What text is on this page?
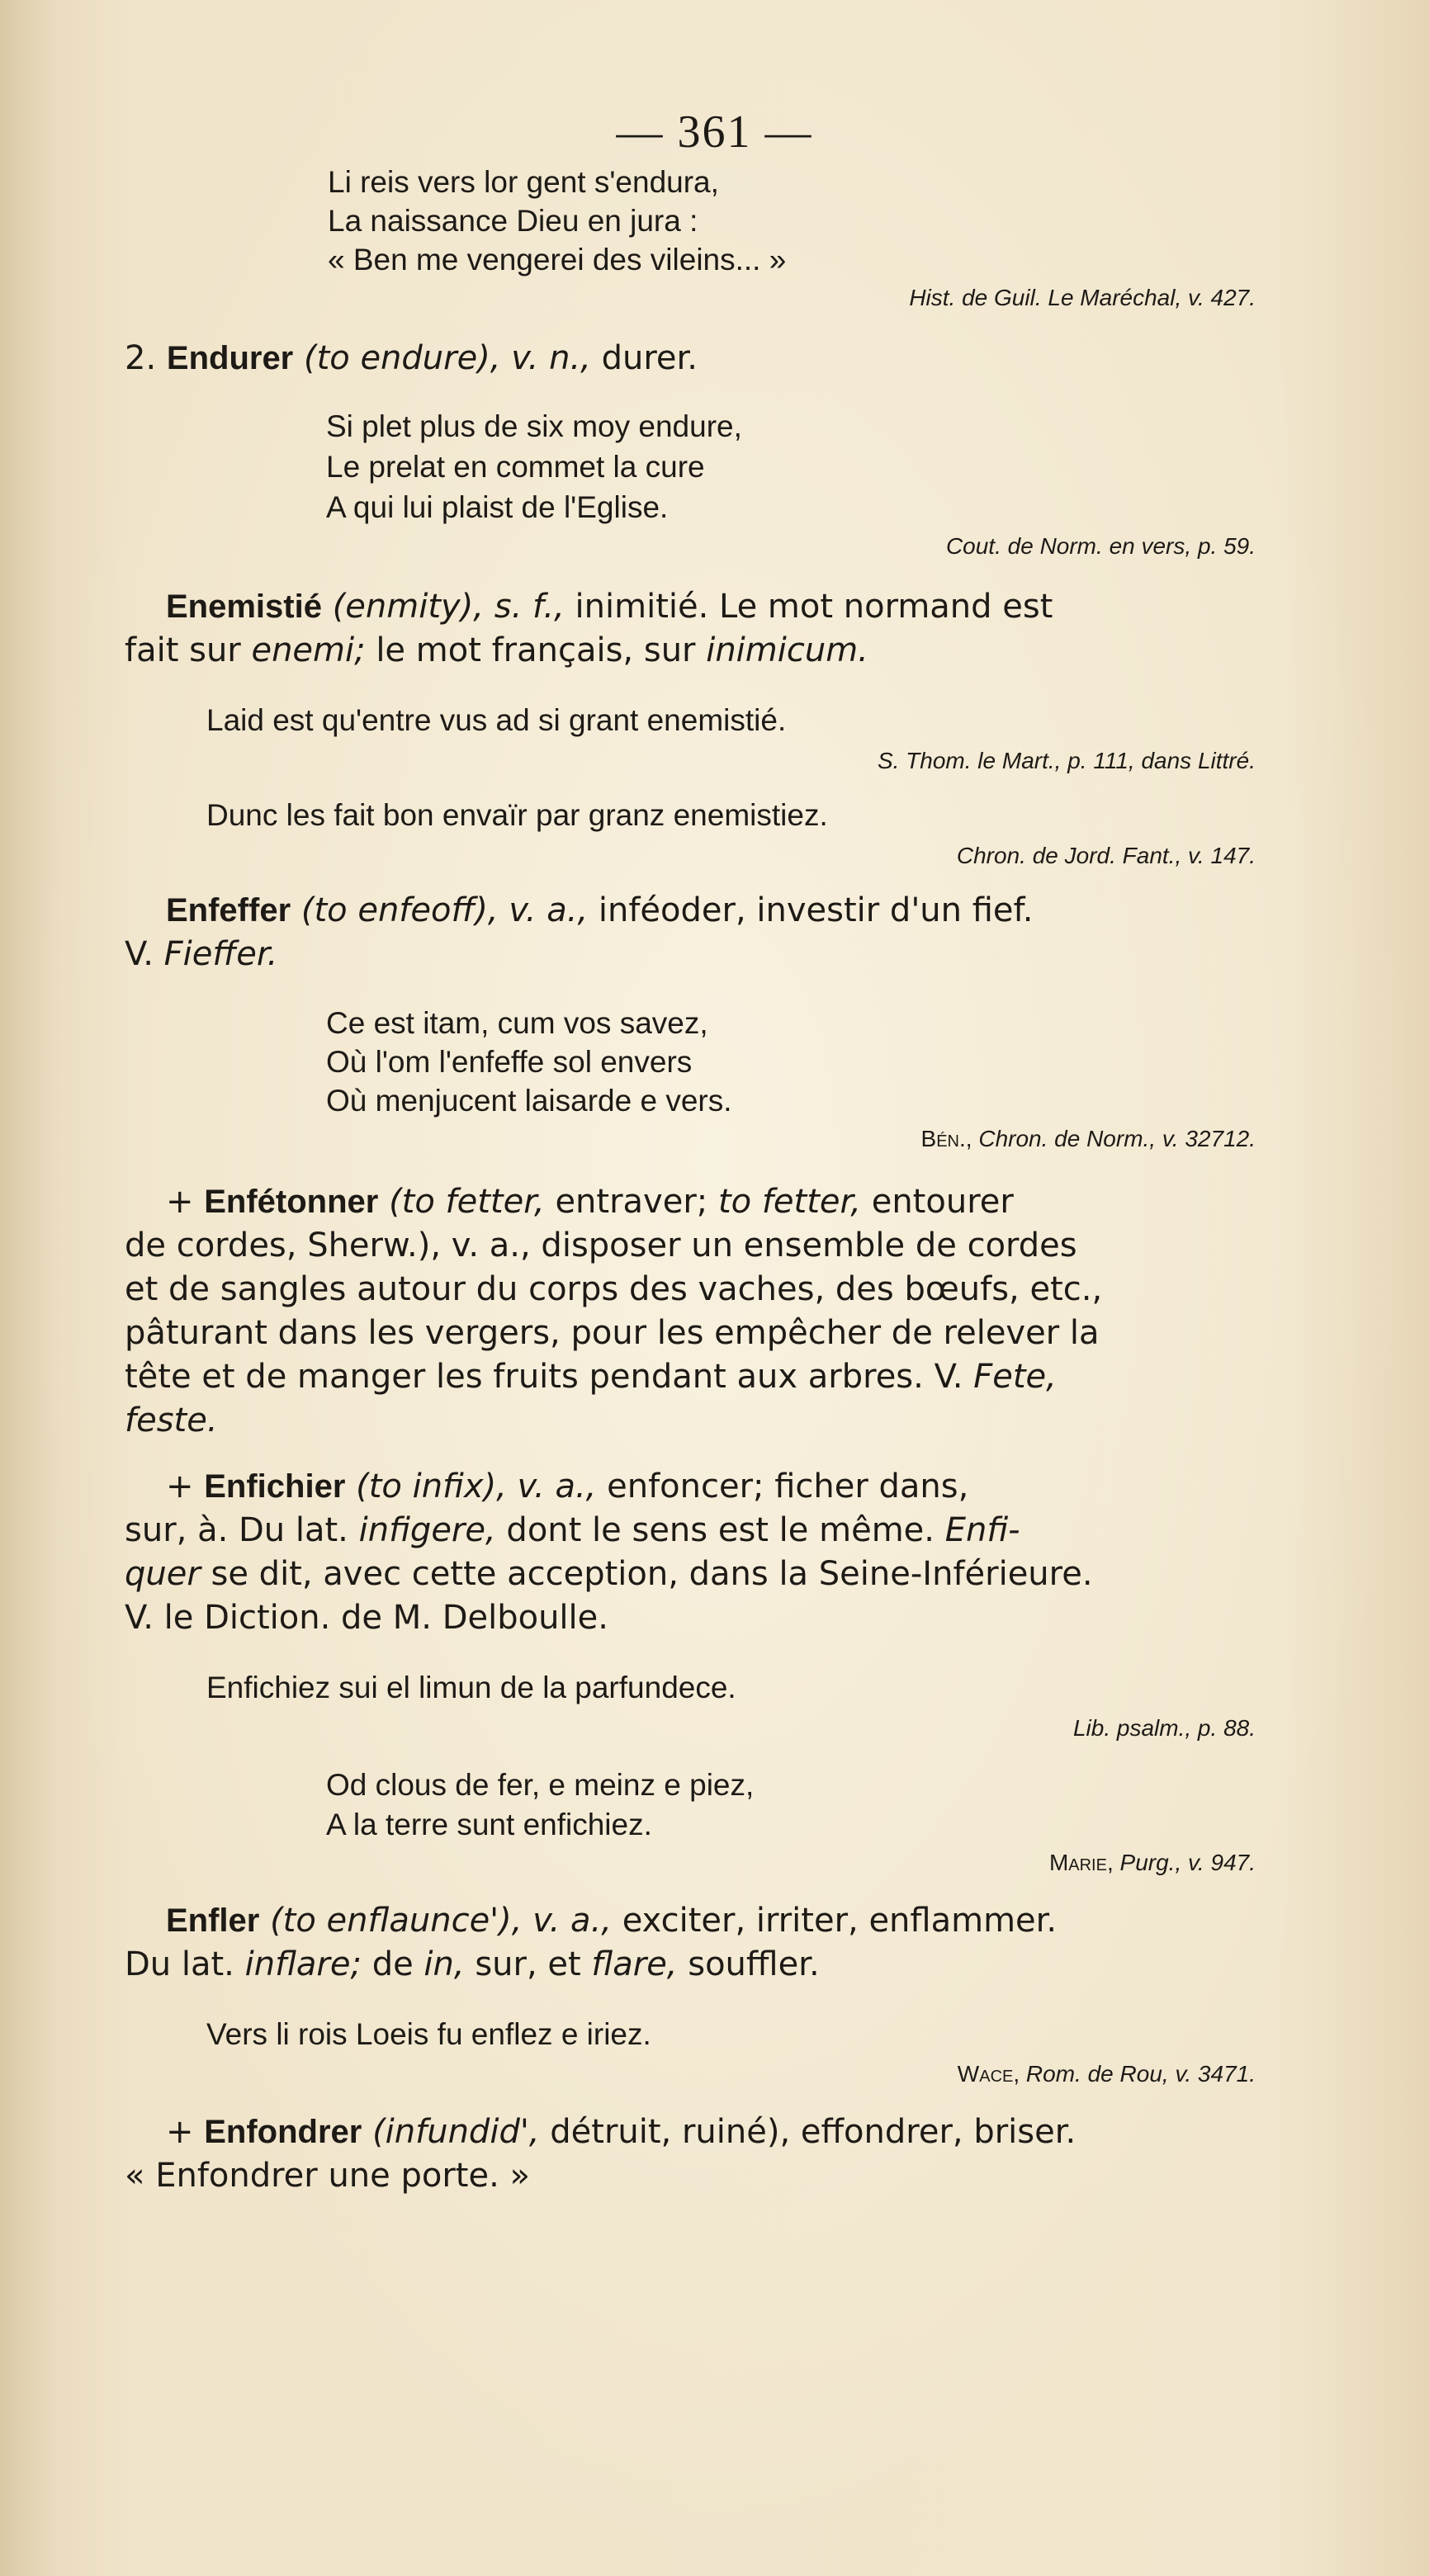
— 361 —
Li reis vers lor gent s'endura,
La naissance Dieu en jura :
« Ben me vengerei des vileins... »
Hist. de Guil. Le Maréchal, v. 427.
2. Endurer (to endure), v. n., durer.
Si plet plus de six moy endure,
Le prelat en commet la cure
A qui lui plaist de l'Eglise.
Cout. de Norm. en vers, p. 59.
Enemistié (enmity), s. f., inimitié. Le mot normand est
fait sur enemi; le mot français, sur inimicum.
Laid est qu'entre vus ad si grant enemistié.
S. Thom. le Mart., p. 111, dans Littré.
Dunc les fait bon envaïr par granz enemistiez.
Chron. de Jord. Fant., v. 147.
Enfeffer (to enfeoff), v. a., inféoder, investir d'un fief.
V. Fieffer.
Ce est itam, cum vos savez,
Où l'om l'enfeffe sol envers
Où menjucent laisarde e vers.
Bén., Chron. de Norm., v. 32712.
+ Enfétonner (to fetter, entraver; to fetter, entourer
de cordes, Sherw.), v. a., disposer un ensemble de cordes
et de sangles autour du corps des vaches, des bœufs, etc.,
pâturant dans les vergers, pour les empêcher de relever la
tête et de manger les fruits pendant aux arbres. V. Fete,
feste.
+ Enfichier (to infix), v. a., enfoncer; ficher dans,
sur, à. Du lat. infigere, dont le sens est le même. Enfi-
quer se dit, avec cette acception, dans la Seine-Inférieure.
V. le Diction. de M. Delboulle.
Enfichiez sui el limun de la parfundece.
Lib. psalm., p. 88.
Od clous de fer, e meinz e piez,
A la terre sunt enfichiez.
Marie, Purg., v. 947.
Enfler (to enflaunce'), v. a., exciter, irriter, enflammer.
Du lat. inflare; de in, sur, et flare, souffler.
Vers li rois Loeis fu enflez e iriez.
Wace, Rom. de Rou, v. 3471.
+ Enfondrer (infundid', détruit, ruiné), effondrer, briser.
« Enfondrer une porte. »
